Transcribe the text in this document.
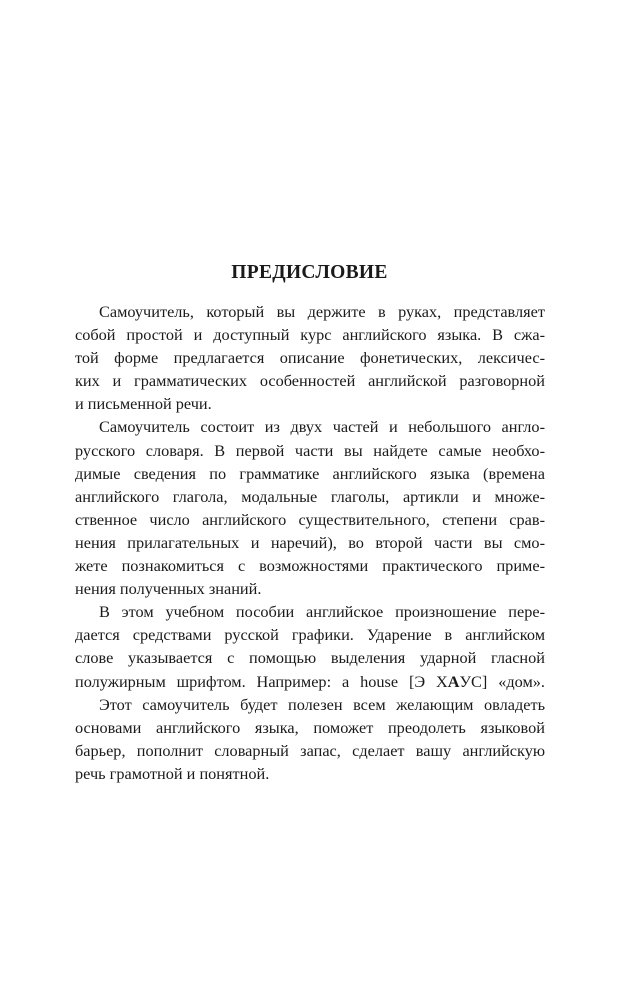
ПРЕДИСЛОВИЕ
Самоучитель, который вы держите в руках, представляет
собой простой и доступный курс английского языка. В сжа-
той форме предлагается описание фонетических, лексичес-
ких и грамматических особенностей английской разговорной
и письменной речи.
Самоучитель состоит из двух частей и небольшого англо-
русского словаря. В первой части вы найдете самые необхо-
димые сведения по грамматике английского языка (времена
английского глагола, модальные глаголы, артикли и множе-
ственное число английского существительного, степени срав-
нения прилагательных и наречий), во второй части вы смо-
жете познакомиться с возможностями практического приме-
нения полученных знаний.
В этом учебном пособии английское произношение пере-
дается средствами русской графики. Ударение в английском
слове указывается с помощью выделения ударной гласной
полужирным шрифтом. Например: a house [Э ХАУС] «дом».
Этот самоучитель будет полезен всем желающим овладеть
основами английского языка, поможет преодолеть языковой
барьер, пополнит словарный запас, сделает вашу английскую
речь грамотной и понятной.
